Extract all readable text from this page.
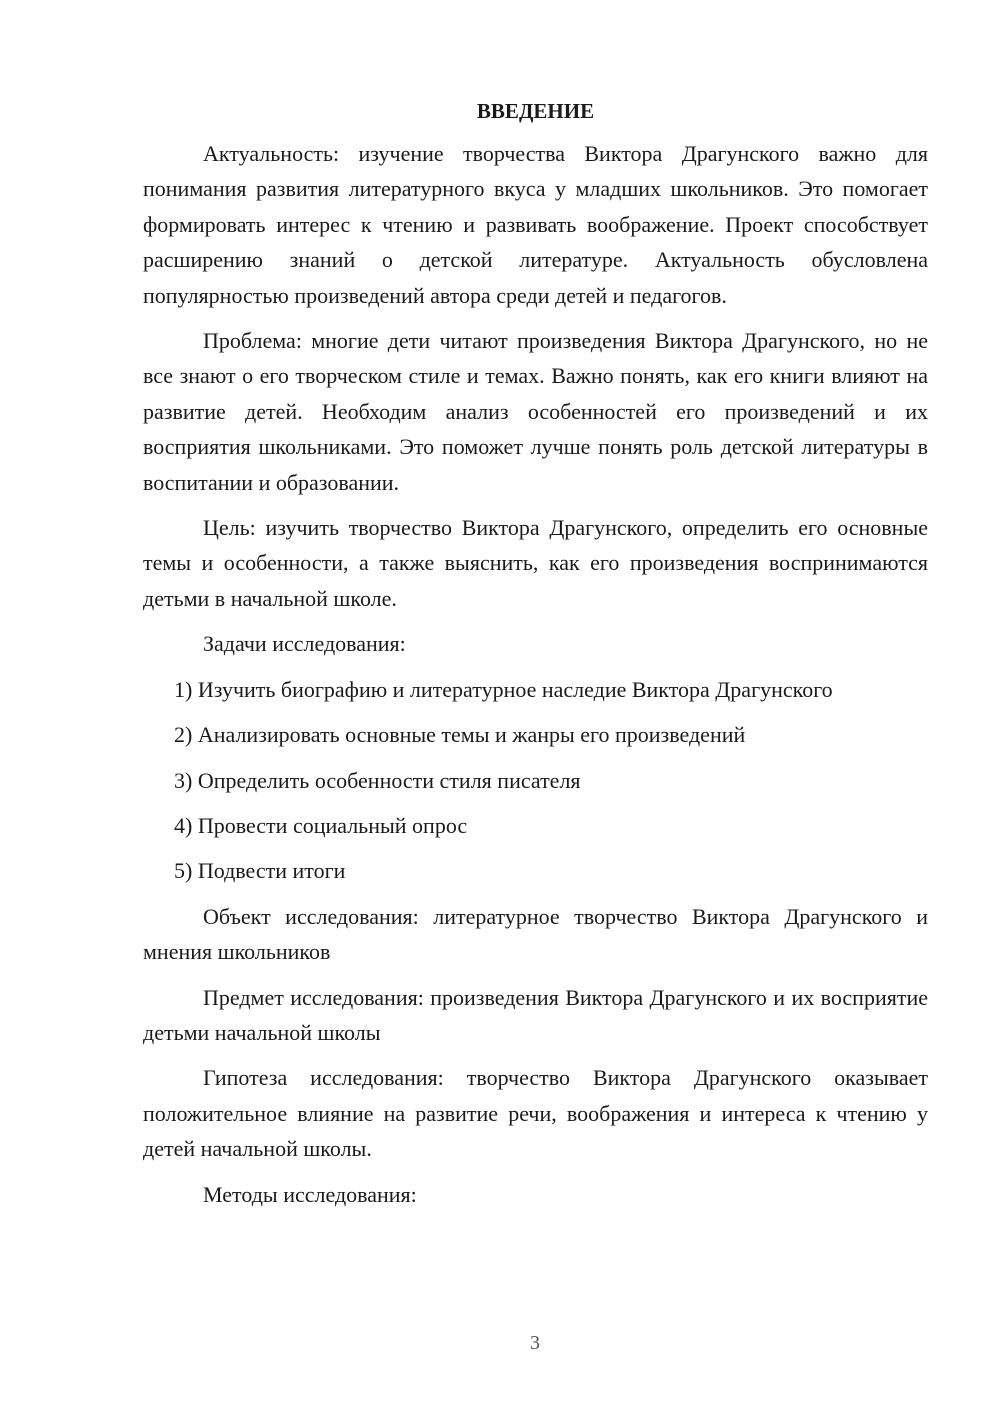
ВВЕДЕНИЕ

Актуальность: изучение творчества Виктора Драгунского важно для понимания развития литературного вкуса у младших школьников. Это помогает формировать интерес к чтению и развивать воображение. Проект способствует расширению знаний о детской литературе. Актуальность обусловлена популярностью произведений автора среди детей и педагогов.

Проблема: многие дети читают произведения Виктора Драгунского, но не все знают о его творческом стиле и темах. Важно понять, как его книги влияют на развитие детей. Необходим анализ особенностей его произведений и их восприятия школьниками. Это поможет лучше понять роль детской литературы в воспитании и образовании.

Цель: изучить творчество Виктора Драгунского, определить его основные темы и особенности, а также выяснить, как его произведения воспринимаются детьми в начальной школе.

Задачи исследования:

1) Изучить биографию и литературное наследие Виктора Драгунского
2) Анализировать основные темы и жанры его произведений
3) Определить особенности стиля писателя
4) Провести социальный опрос
5) Подвести итоги

Объект исследования: литературное творчество Виктора Драгунского и мнения школьников

Предмет исследования: произведения Виктора Драгунского и их восприятие детьми начальной школы

Гипотеза исследования: творчество Виктора Драгунского оказывает положительное влияние на развитие речи, воображения и интереса к чтению у детей начальной школы.

Методы исследования:

3
